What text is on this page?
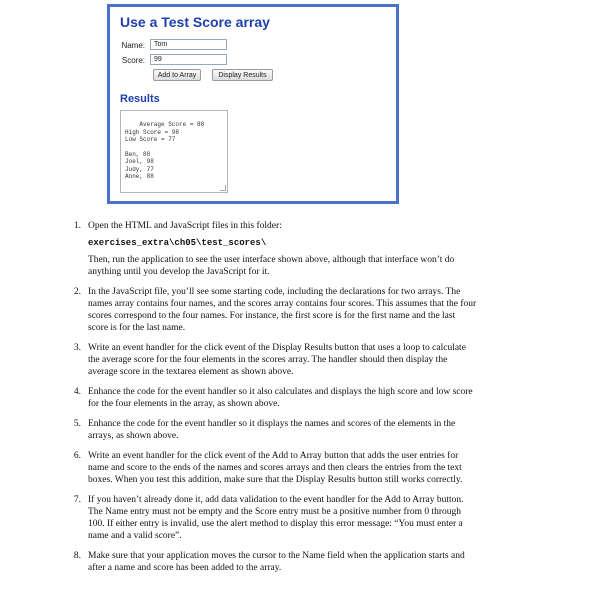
Use a Test Score array
Name:
Tom
Score:
99
Add to Array	Display Results
Results

Average Score = 88
High Score = 98
Low Score = 77

Ben, 88
Joel, 98
Judy, 77
Anne, 88

1. Open the HTML and JavaScript files in this folder:
exercises_extra\ch05\test_scores\
Then, run the application to see the user interface shown above, although that interface won’t do anything until you develop the JavaScript for it.
2. In the JavaScript file, you’ll see some starting code, including the declarations for two arrays. The names array contains four names, and the scores array contains four scores. This assumes that the four scores correspond to the four names. For instance, the first score is for the first name and the last score is for the last name.
3. Write an event handler for the click event of the Display Results button that uses a loop to calculate the average score for the four elements in the scores array. The handler should then display the average score in the textarea element as shown above.
4. Enhance the code for the event handler so it also calculates and displays the high score and low score for the four elements in the array, as shown above.
5. Enhance the code for the event handler so it displays the names and scores of the elements in the arrays, as shown above.
6. Write an event handler for the click event of the Add to Array button that adds the user entries for name and score to the ends of the names and scores arrays and then clears the entries from the text boxes. When you test this addition, make sure that the Display Results button still works correctly.
7. If you haven’t already done it, add data validation to the event handler for the Add to Array button. The Name entry must not be empty and the Score entry must be a positive number from 0 through 100. If either entry is invalid, use the alert method to display this error message: “You must enter a name and a valid score”.
8. Make sure that your application moves the cursor to the Name field when the application starts and after a name and score has been added to the array.
